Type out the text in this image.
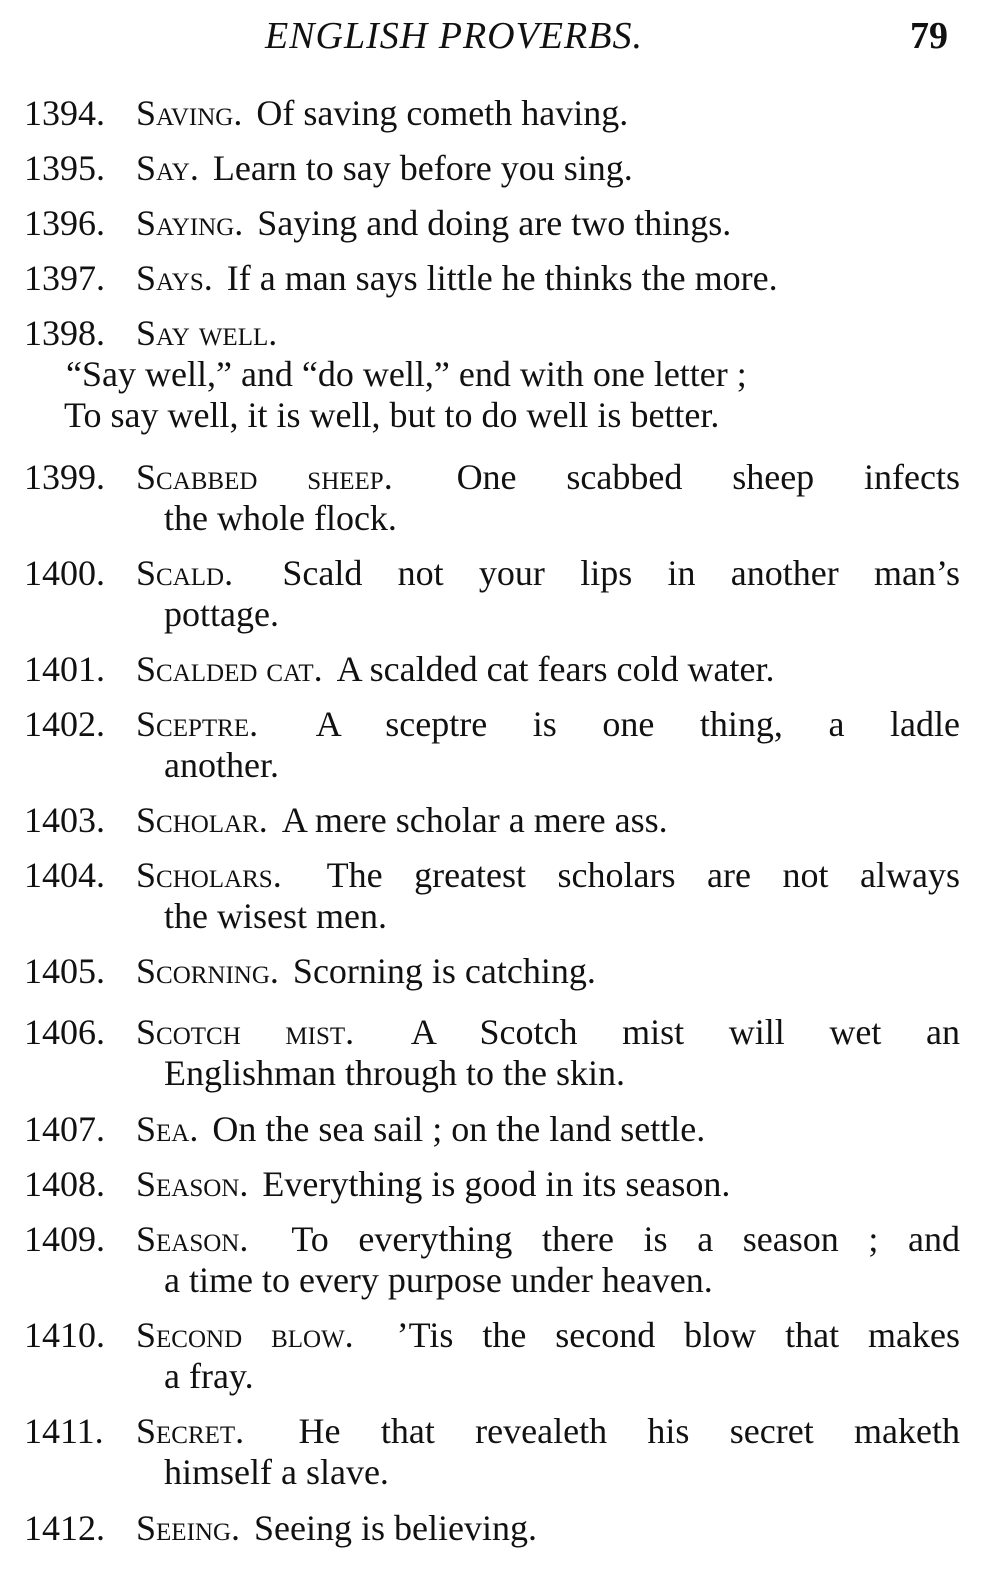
ENGLISH PROVERBS.	79
1394. Saving. Of saving cometh having.
1395. Say. Learn to say before you sing.
1396. Saying. Saying and doing are two things.
1397. Says. If a man says little he thinks the more.
1398. Say well.
“Say well,” and “do well,” end with one letter ;
To say well, it is well, but to do well is better.
1399. Scabbed sheep. One scabbed sheep infects
the whole flock.
1400. Scald. Scald not your lips in another man’s
pottage.
1401. Scalded cat. A scalded cat fears cold water.
1402. Sceptre. A sceptre is one thing, a ladle
another.
1403. Scholar. A mere scholar a mere ass.
1404. Scholars. The greatest scholars are not always
the wisest men.
1405. Scorning. Scorning is catching.
1406. Scotch mist. A Scotch mist will wet an
Englishman through to the skin.
1407. Sea. On the sea sail ; on the land settle.
1408. Season. Everything is good in its season.
1409. Season. To everything there is a season ; and
a time to every purpose under heaven.
1410. Second blow. ’Tis the second blow that makes
a fray.
1411. Secret. He that revealeth his secret maketh
himself a slave.
1412. Seeing. Seeing is believing.
